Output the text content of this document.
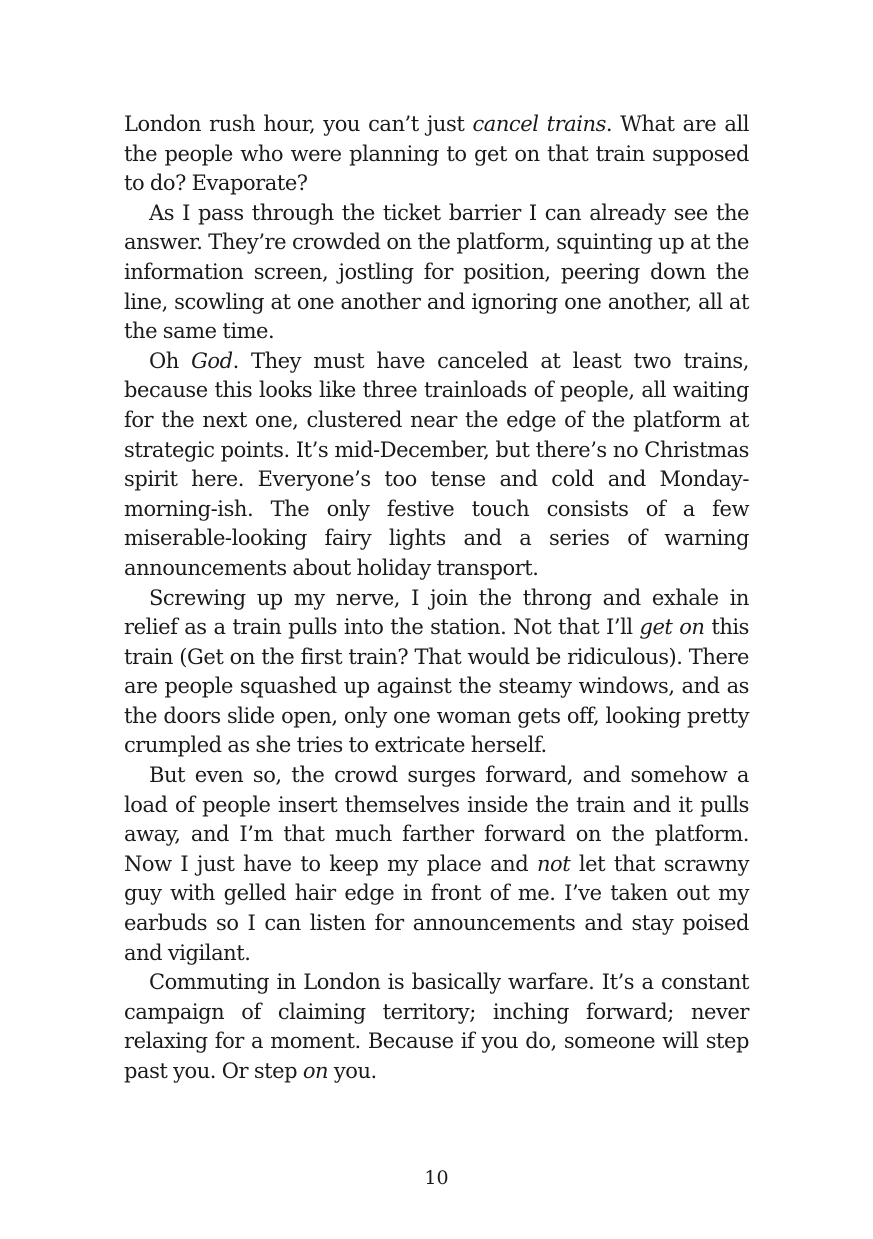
London rush hour, you can’t just cancel trains. What are all the people who were planning to get on that train supposed to do? Evaporate?

As I pass through the ticket barrier I can already see the answer. They’re crowded on the platform, squinting up at the information screen, jostling for position, peering down the line, scowling at one another and ignoring one another, all at the same time.

Oh God. They must have canceled at least two trains, because this looks like three trainloads of people, all waiting for the next one, clustered near the edge of the platform at strategic points. It’s mid-December, but there’s no Christmas spirit here. Everyone’s too tense and cold and Monday-morning-ish. The only festive touch consists of a few miserable-looking fairy lights and a series of warning announcements about holiday transport.

Screwing up my nerve, I join the throng and exhale in relief as a train pulls into the station. Not that I’ll get on this train (Get on the first train? That would be ridiculous). There are people squashed up against the steamy windows, and as the doors slide open, only one woman gets off, looking pretty crumpled as she tries to extricate herself.

But even so, the crowd surges forward, and somehow a load of people insert themselves inside the train and it pulls away, and I’m that much farther forward on the platform. Now I just have to keep my place and not let that scrawny guy with gelled hair edge in front of me. I’ve taken out my earbuds so I can listen for announcements and stay poised and vigilant.

Commuting in London is basically warfare. It’s a constant campaign of claiming territory; inching forward; never relaxing for a moment. Because if you do, someone will step past you. Or step on you.

10
